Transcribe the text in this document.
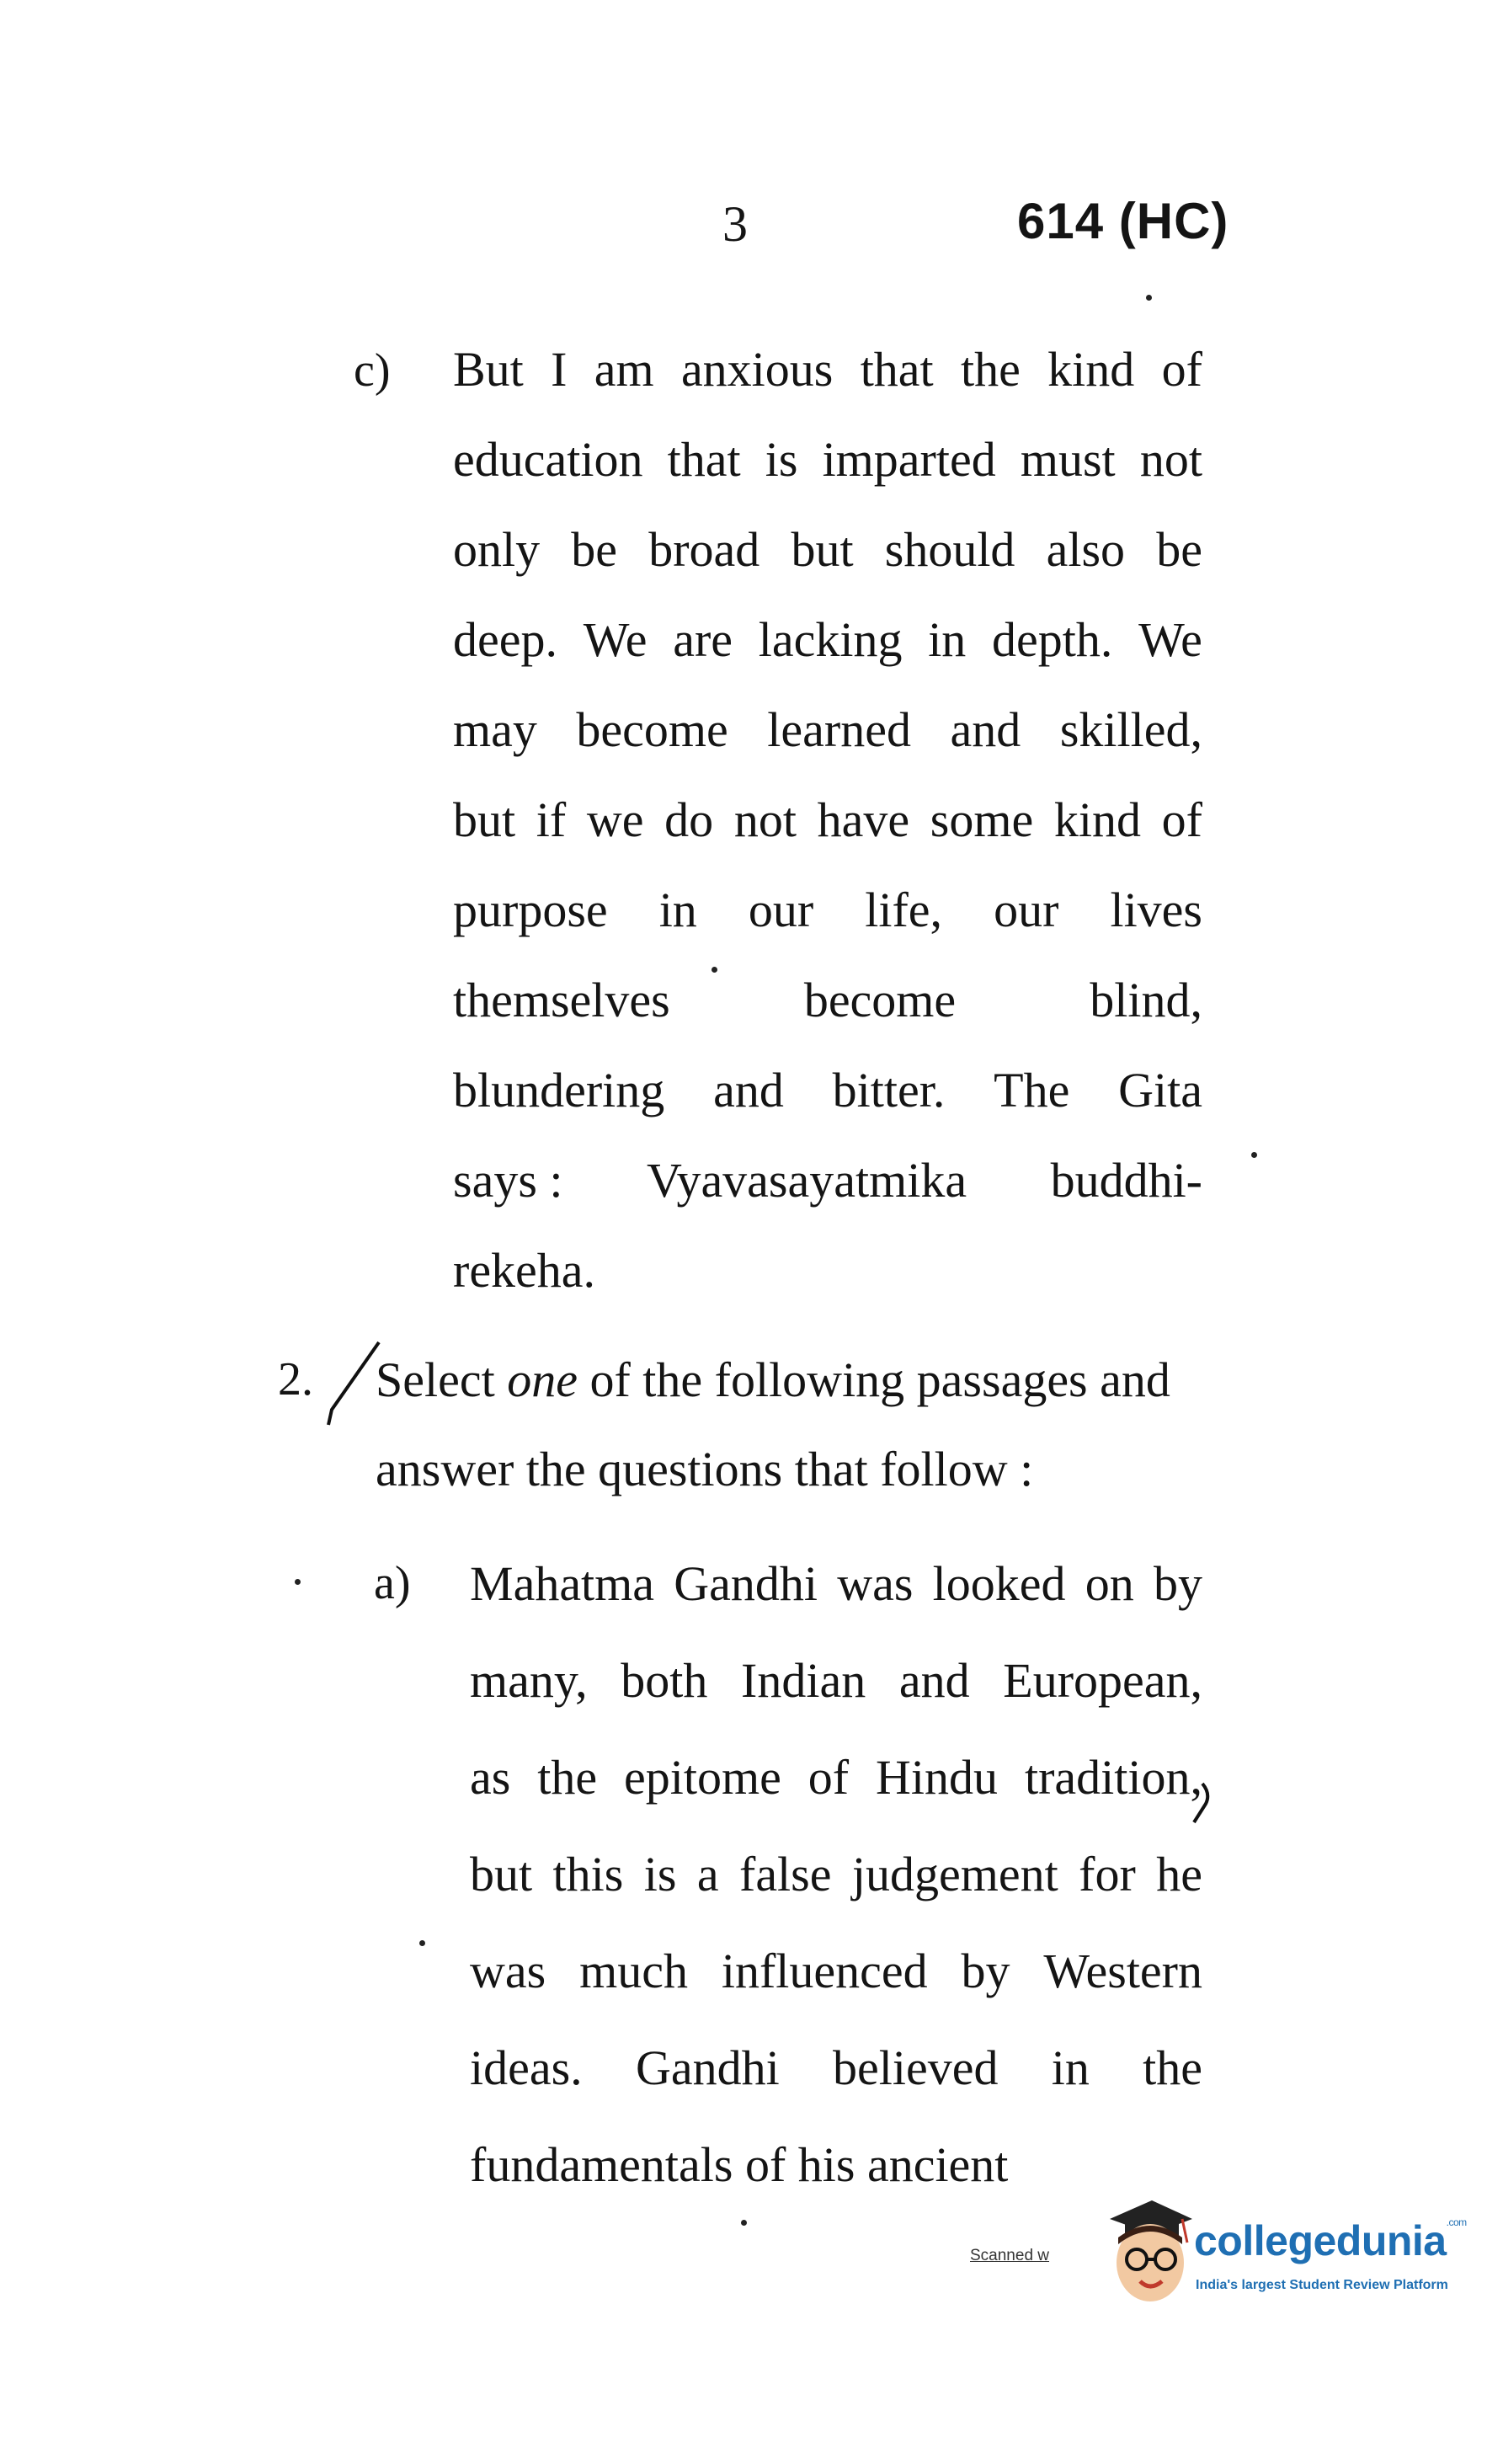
3	614 (HC)
c) But I am anxious that the kind of
education that is imparted must not
only be broad but should also be
deep. We are lacking in depth. We
may become learned and skilled,
but if we do not have some kind of
purpose in our life, our lives
themselves	become	blind,
blundering and bitter. The Gita
says : Vyavasayatmika buddhi-
rekeha.
2. Select one of the following passages and
answer the questions that follow :
a) Mahatma Gandhi was looked on by
many, both Indian and European,
as the epitome of Hindu tradition,
but this is a false judgement for he
was much influenced by Western
ideas. Gandhi believed in the
fundamentals of his ancient
Scanned w	collegedunia$^{.com}$
India's largest Student Review Platform
